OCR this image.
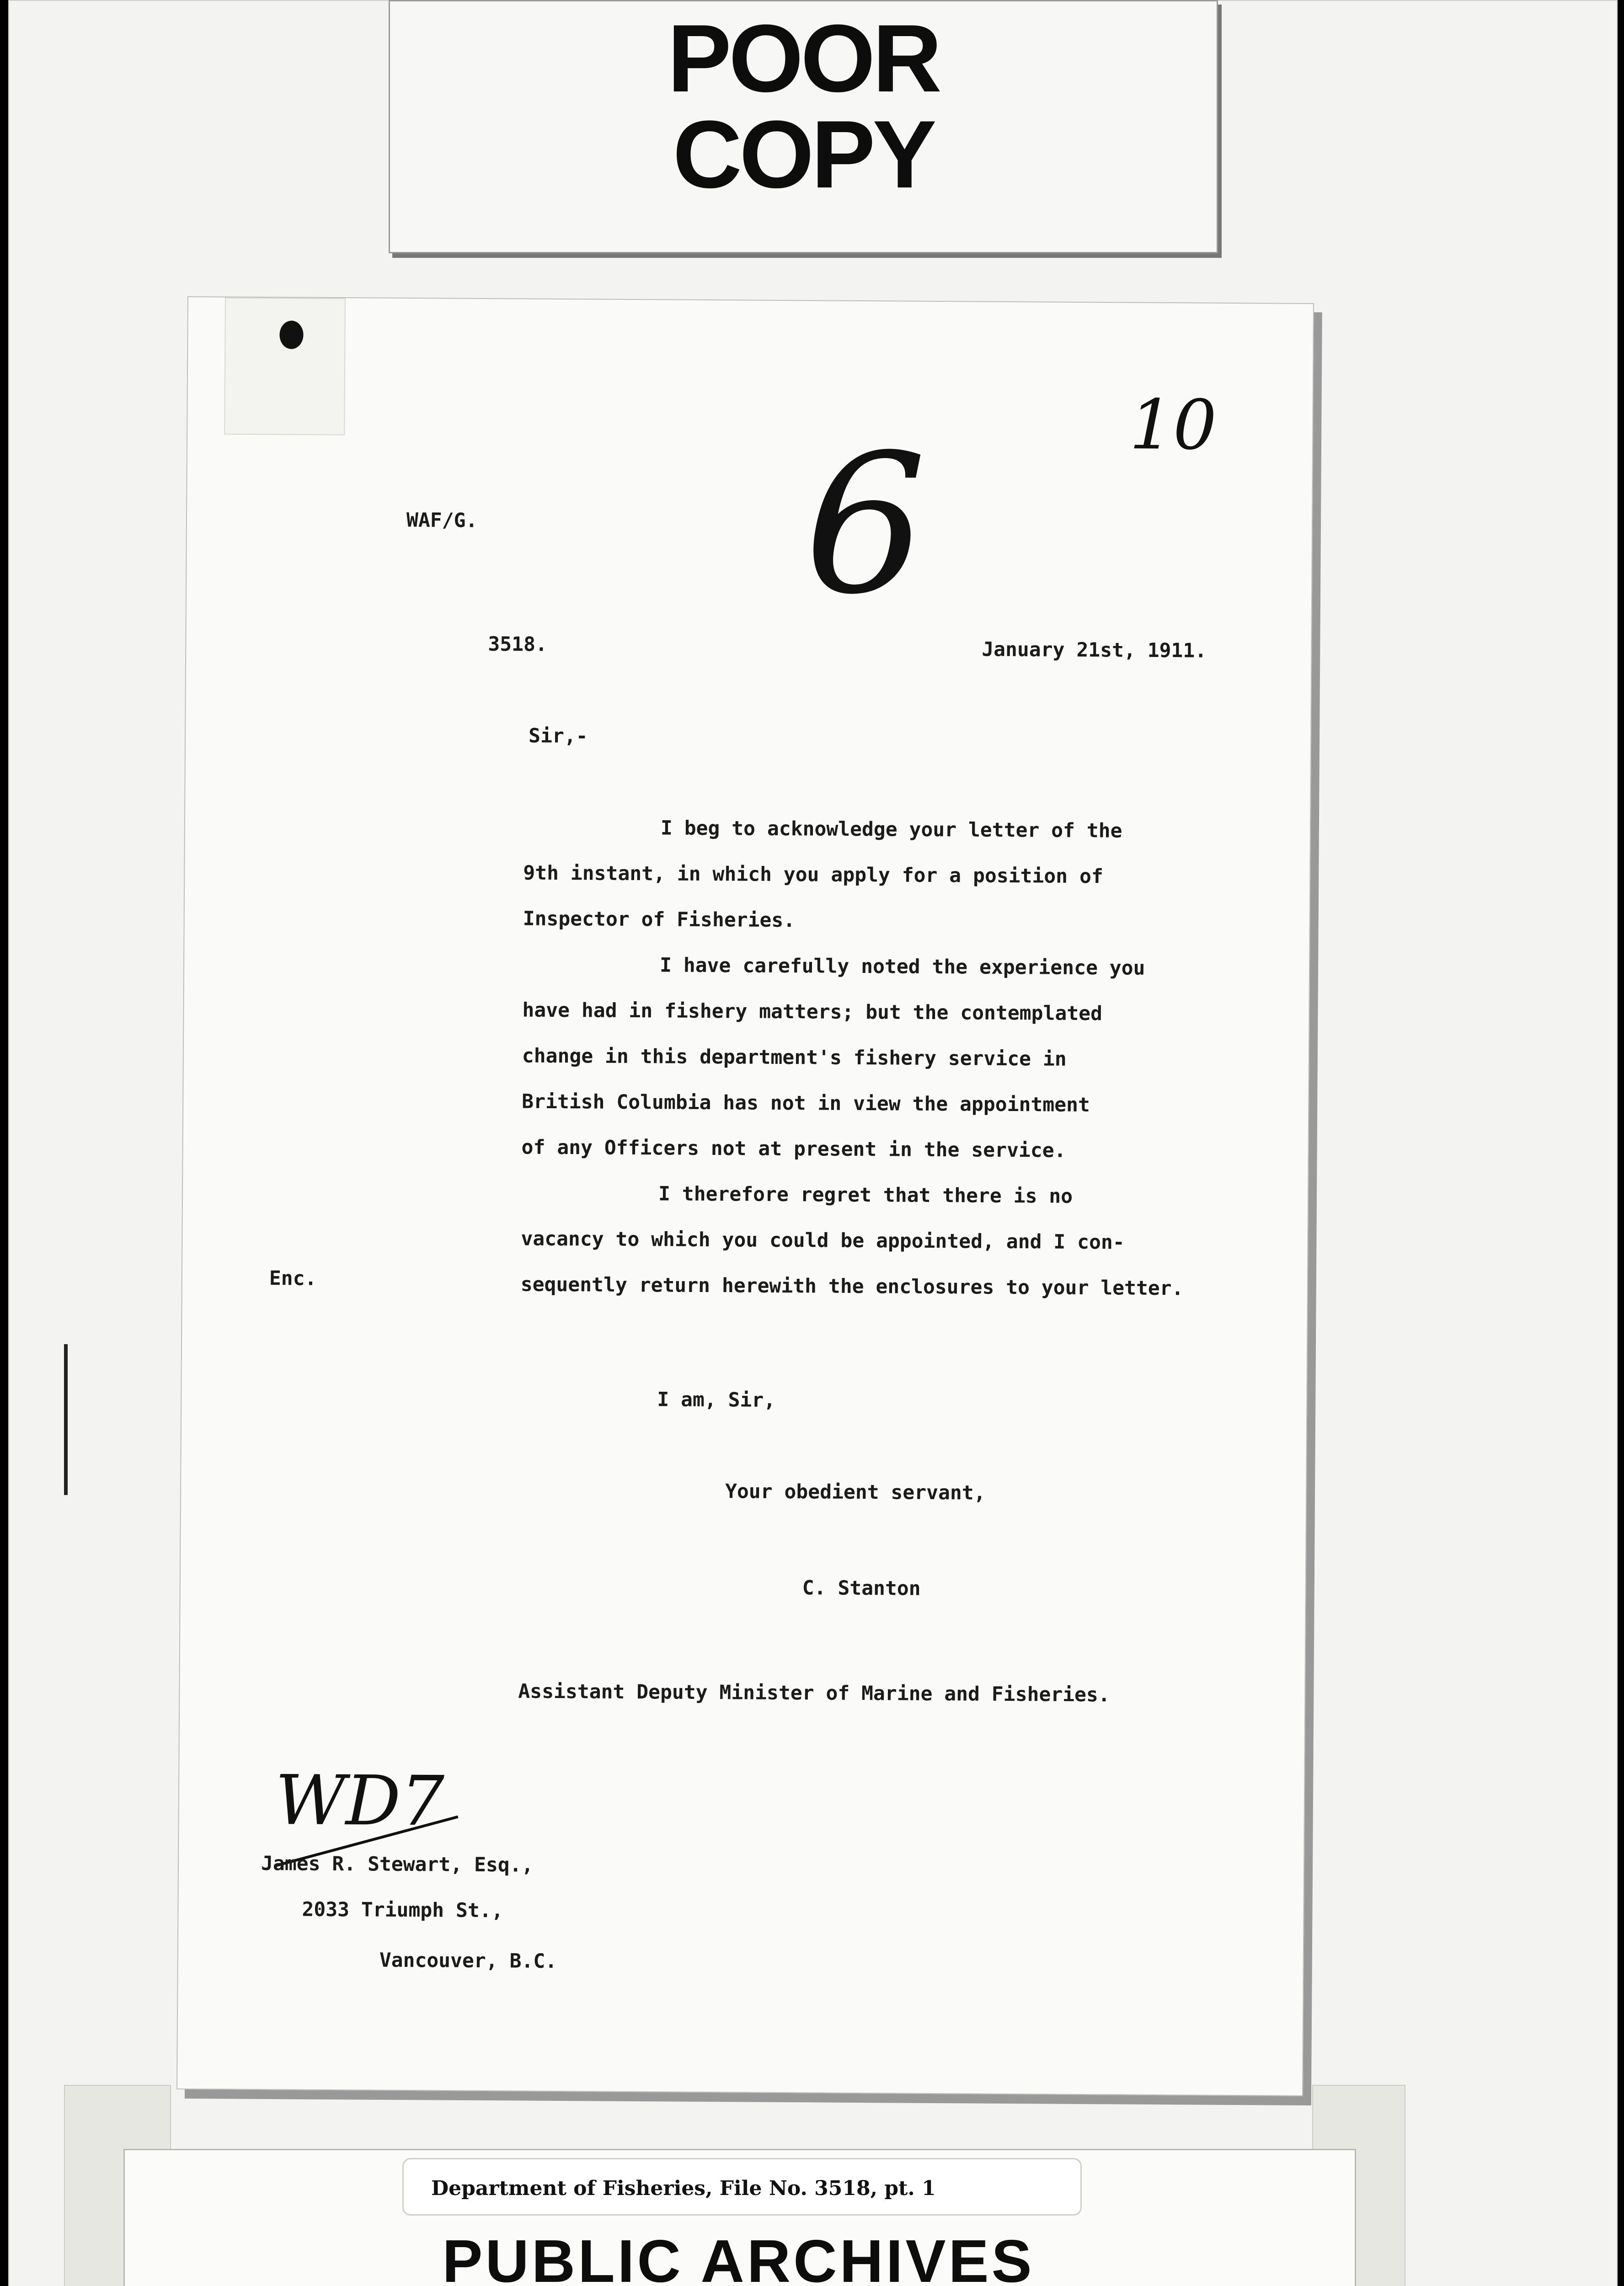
POOR
COPY
10
6
WAF/G.
3518.	January 21st, 1911.
Sir,-
I beg to acknowledge your letter of the
9th instant, in which you apply for a position of
Inspector of Fisheries.
I have carefully noted the experience you
have had in fishery matters; but the contemplated
change in this department's fishery service in
British Columbia has not in view the appointment
of any Officers not at present in the service.
I therefore regret that there is no
vacancy to which you could be appointed, and I con-
sequently return herewith the enclosures to your letter.
Enc.
I am, Sir,
Your obedient servant,
C. Stanton
Assistant Deputy Minister of Marine and Fisheries.
WD7
James R. Stewart, Esq.,
2033 Triumph St.,
Vancouver, B.C.
Department of Fisheries, File No. 3518, pt. 1
PUBLIC ARCHIVES
